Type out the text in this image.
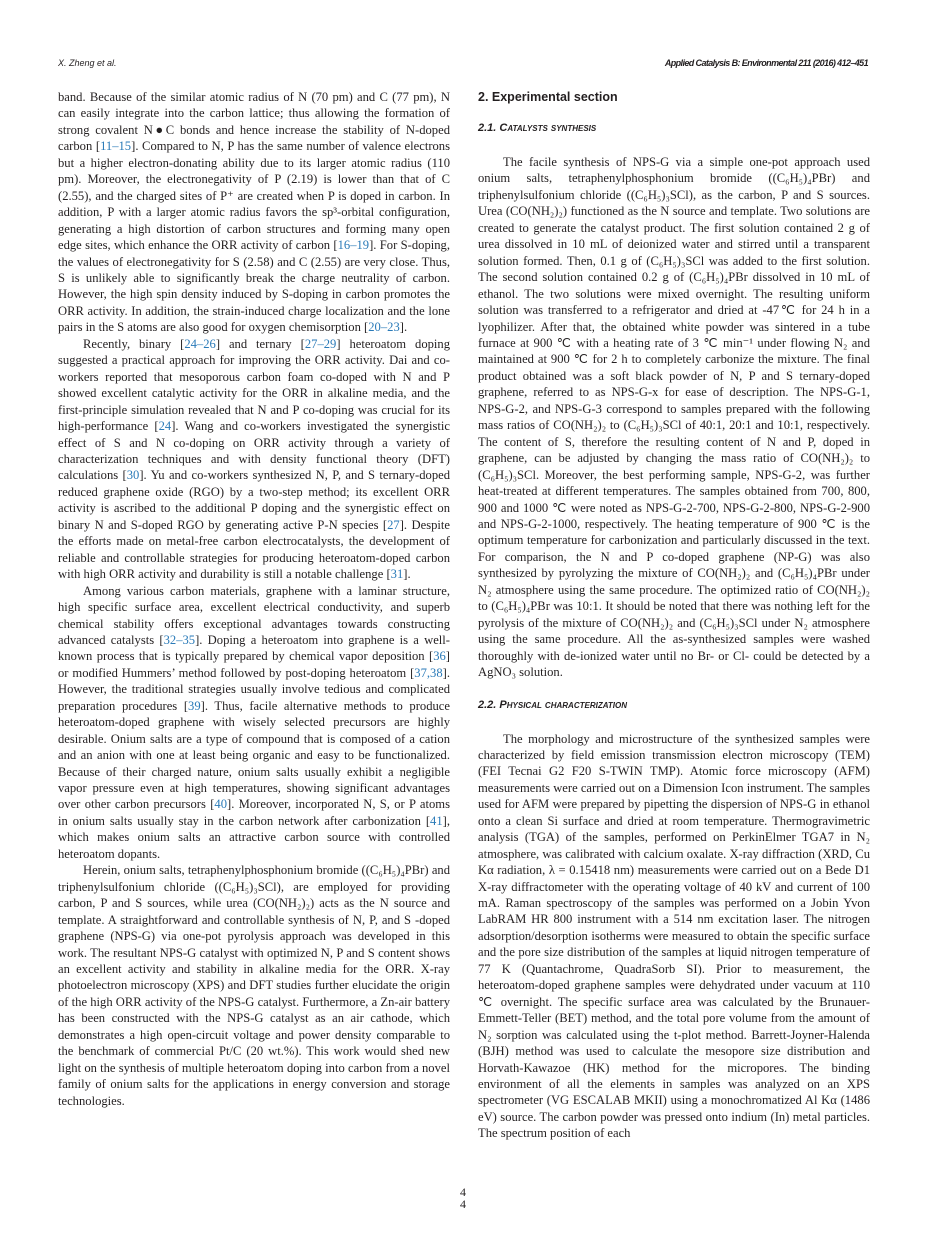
X. Zheng et al.	Applied Catalysis B: Environmental 211 (2016) 412–451

band. Because of the similar atomic radius of N (70 pm) and C (77 pm), N can easily integrate into the carbon lattice; thus allowing the formation of strong covalent N●C bonds and hence increase the stability of N-doped carbon [11–15]. Compared to N, P has the same number of valence electrons but a higher electron-donating ability due to its larger atomic radius (110 pm). Moreover, the electronegativity of P (2.19) is lower than that of C (2.55), and the charged sites of P⁺ are created when P is doped in carbon. In addition, P with a larger atomic radius favors the sp³-orbital configuration, generating a high distortion of carbon structures and forming many open edge sites, which enhance the ORR activity of carbon [16–19]. For S-doping, the values of electronegativity for S (2.58) and C (2.55) are very close. Thus, S is unlikely able to significantly break the charge neutrality of carbon. However, the high spin density induced by S-doping in carbon promotes the ORR activity. In addition, the strain-induced charge localization and the lone pairs in the S atoms are also good for oxygen chemisorption [20–23].

Recently, binary [24–26] and ternary [27–29] heteroatom doping suggested a practical approach for improving the ORR activity. Dai and co-workers reported that mesoporous carbon foam co-doped with N and P showed excellent catalytic activity for the ORR in alkaline media, and the first-principle simulation revealed that N and P co-doping was crucial for its high-performance [24]. Wang and co-workers investigated the synergistic effect of S and N co-doping on ORR activity through a variety of characterization techniques and with density functional theory (DFT) calculations [30]. Yu and co-workers synthesized N, P, and S ternary-doped reduced graphene oxide (RGO) by a two-step method; its excellent ORR activity is ascribed to the additional P doping and the synergistic effect on binary N and S-doped RGO by generating active P-N species [27]. Despite the efforts made on metal-free carbon electrocatalysts, the development of reliable and controllable strategies for producing heteroatom-doped carbon with high ORR activity and durability is still a notable challenge [31].

Among various carbon materials, graphene with a laminar structure, high specific surface area, excellent electrical conductivity, and superb chemical stability offers exceptional advantages towards constructing advanced catalysts [32–35]. Doping a heteroatom into graphene is a well-known process that is typically prepared by chemical vapor deposition [36] or modified Hummers’ method followed by post-doping heteroatom [37,38]. However, the traditional strategies usually involve tedious and complicated preparation procedures [39]. Thus, facile alternative methods to produce heteroatom-doped graphene with wisely selected precursors are highly desirable. Onium salts are a type of compound that is composed of a cation and an anion with one at least being organic and easy to be functionalized. Because of their charged nature, onium salts usually exhibit a negligible vapor pressure even at high temperatures, showing significant advantages over other carbon precursors [40]. Moreover, incorporated N, S, or P atoms in onium salts usually stay in the carbon network after carbonization [41], which makes onium salts an attractive carbon source with controlled heteroatom dopants.

Herein, onium salts, tetraphenylphosphonium bromide ((C₆H₅)₄PBr) and triphenylsulfonium chloride ((C₆H₅)₃SCl), are employed for providing carbon, P and S sources, while urea (CO(NH₂)₂) acts as the N source and template. A straightforward and controllable synthesis of N, P, and S -doped graphene (NPS-G) via one-pot pyrolysis approach was developed in this work. The resultant NPS-G catalyst with optimized N, P and S content shows an excellent activity and stability in alkaline media for the ORR. X-ray photoelectron microscopy (XPS) and DFT studies further elucidate the origin of the high ORR activity of the NPS-G catalyst. Furthermore, a Zn-air battery has been constructed with the NPS-G catalyst as an air cathode, which demonstrates a high open-circuit voltage and power density comparable to the benchmark of commercial Pt/C (20 wt.%). This work would shed new light on the synthesis of multiple heteroatom doping into carbon from a novel family of onium salts for the applications in energy conversion and storage technologies.

2. Experimental section
2.1. Catalysts synthesis

The facile synthesis of NPS-G via a simple one-pot approach used onium salts, tetraphenylphosphonium bromide ((C₆H₅)₄PBr) and triphenylsulfonium chloride ((C₆H₅)₃SCl), as the carbon, P and S sources. Urea (CO(NH₂)₂) functioned as the N source and template. Two solutions are created to generate the catalyst product. The first solution contained 2 g of urea dissolved in 10 mL of deionized water and stirred until a transparent solution formed. Then, 0.1 g of (C₆H₅)₃SCl was added to the first solution. The second solution contained 0.2 g of (C₆H₅)₄PBr dissolved in 10 mL of ethanol. The two solutions were mixed overnight. The resulting uniform solution was transferred to a refrigerator and dried at -47℃ for 24 h in a lyophilizer. After that, the obtained white powder was sintered in a tube furnace at 900 ℃ with a heating rate of 3 ℃ min⁻¹ under flowing N₂ and maintained at 900 ℃ for 2 h to completely carbonize the mixture. The final product obtained was a soft black powder of N, P and S ternary-doped graphene, referred to as NPS-G-x for ease of description. The NPS-G-1, NPS-G-2, and NPS-G-3 correspond to samples prepared with the following mass ratios of CO(NH₂)₂ to (C₆H₅)₃SCl of 40:1, 20:1 and 10:1, respectively. The content of S, therefore the resulting content of N and P, doped in graphene, can be adjusted by changing the mass ratio of CO(NH₂)₂ to (C₆H₅)₃SCl. Moreover, the best performing sample, NPS-G-2, was further heat-treated at different temperatures. The samples obtained from 700, 800, 900 and 1000 ℃ were noted as NPS-G-2-700, NPS-G-2-800, NPS-G-2-900 and NPS-G-2-1000, respectively. The heating temperature of 900 ℃ is the optimum temperature for carbonization and particularly discussed in the text. For comparison, the N and P co-doped graphene (NP-G) was also synthesized by pyrolyzing the mixture of CO(NH₂)₂ and (C₆H₅)₄PBr under N₂ atmosphere using the same procedure. The optimized ratio of CO(NH₂)₂ to (C₆H₅)₄PBr was 10:1. It should be noted that there was nothing left for the pyrolysis of the mixture of CO(NH₂)₂ and (C₆H₅)₃SCl under N₂ atmosphere using the same procedure. All the as-synthesized samples were washed thoroughly with de-ionized water until no Br- or Cl- could be detected by a AgNO₃ solution.

2.2. Physical characterization

The morphology and microstructure of the synthesized samples were characterized by field emission transmission electron microscopy (TEM) (FEI Tecnai G2 F20 S-TWIN TMP). Atomic force microscopy (AFM) measurements were carried out on a Dimension Icon instrument. The samples used for AFM were prepared by pipetting the dispersion of NPS-G in ethanol onto a clean Si surface and dried at room temperature. Thermogravimetric analysis (TGA) of the samples, performed on PerkinElmer TGA7 in N₂ atmosphere, was calibrated with calcium oxalate. X-ray diffraction (XRD, Cu Kα radiation, λ = 0.15418 nm) measurements were carried out on a Bede D1 X-ray diffractometer with the operating voltage of 40 kV and current of 100 mA. Raman spectroscopy of the samples was performed on a Jobin Yvon LabRAM HR 800 instrument with a 514 nm excitation laser. The nitrogen adsorption/desorption isotherms were measured to obtain the specific surface and the pore size distribution of the samples at liquid nitrogen temperature of 77 K (Quantachrome, QuadraSorb SI). Prior to measurement, the heteroatom-doped graphene samples were dehydrated under vacuum at 110 ℃ overnight. The specific surface area was calculated by the Brunauer-Emmett-Teller (BET) method, and the total pore volume from the amount of N₂ sorption was calculated using the t-plot method. Barrett-Joyner-Halenda (BJH) method was used to calculate the mesopore size distribution and Horvath-Kawazoe (HK) method for the micropores. The binding environment of all the elements in samples was analyzed on an XPS spectrometer (VG ESCALAB MKII) using a monochromatized Al Kα (1486 eV) source. The carbon powder was pressed onto indium (In) metal particles. The spectrum position of each

4
4
